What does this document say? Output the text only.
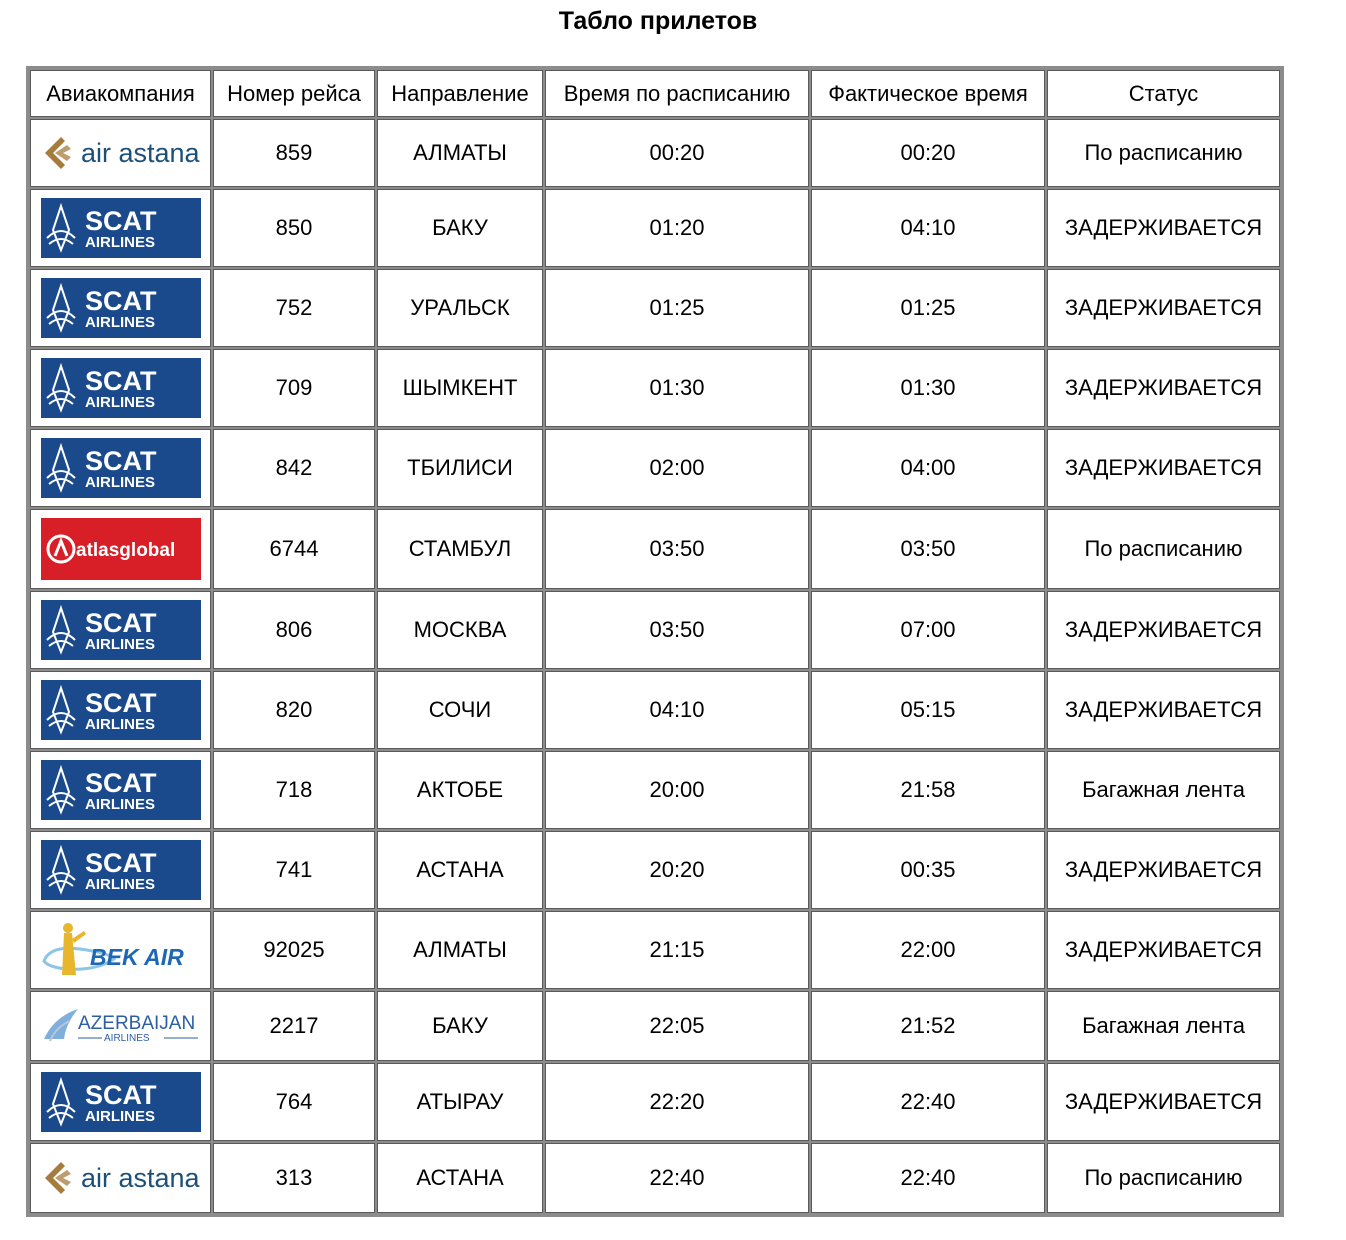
Табло прилетов
Авиакомпания	Номер рейса	Направление	Время по расписанию	Фактическое время	Статус

air astana	859	АЛМАТЫ	00:20	00:20	По расписанию

SCAT
AIRLINES	850	БАКУ	01:20	04:10	ЗАДЕРЖИВАЕТСЯ

SCAT
AIRLINES	752	УРАЛЬСК	01:25	01:25	ЗАДЕРЖИВАЕТСЯ

SCAT
AIRLINES	709	ШЫМКЕНТ	01:30	01:30	ЗАДЕРЖИВАЕТСЯ

SCAT
AIRLINES	842	ТБИЛИСИ	02:00	04:00	ЗАДЕРЖИВАЕТСЯ

atlasglobal	6744	СТАМБУЛ	03:50	03:50	По расписанию

SCAT
AIRLINES	806	МОСКВА	03:50	07:00	ЗАДЕРЖИВАЕТСЯ

SCAT
AIRLINES	820	СОЧИ	04:10	05:15	ЗАДЕРЖИВАЕТСЯ

SCAT
AIRLINES	718	АКТОБЕ	20:00	21:58	Багажная лента

SCAT
AIRLINES	741	АСТАНА	20:20	00:35	ЗАДЕРЖИВАЕТСЯ

BEK AIR	92025	АЛМАТЫ	21:15	22:00	ЗАДЕРЖИВАЕТСЯ

AZERBAIJAN
AIRLINES	2217	БАКУ	22:05	21:52	Багажная лента

SCAT
AIRLINES	764	АТЫРАУ	22:20	22:40	ЗАДЕРЖИВАЕТСЯ

air astana	313	АСТАНА	22:40	22:40	По расписанию
